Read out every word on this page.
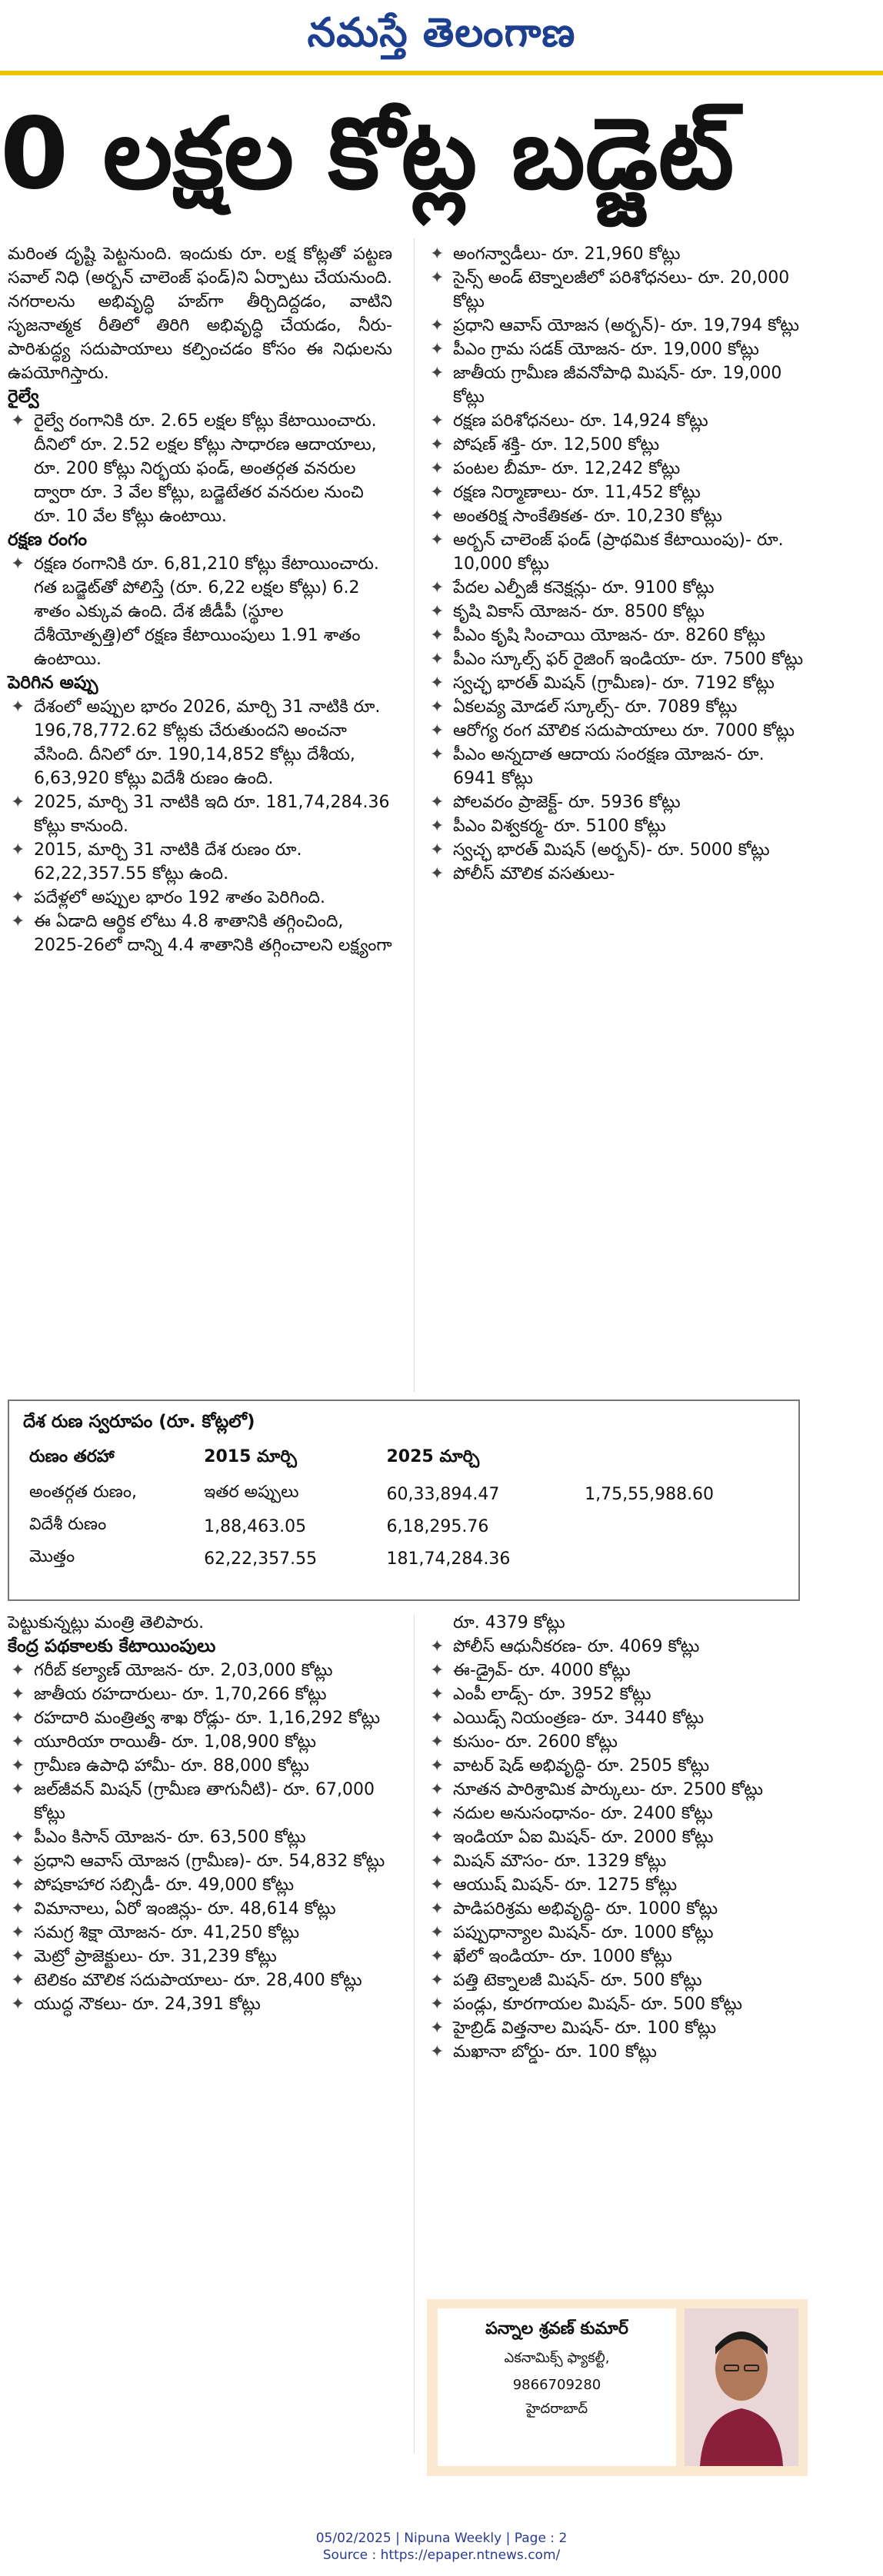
నమస్తే తెలంగాణ
0 లక్షల కోట్ల బడ్జెట్

మరింత దృష్టి పెట్టనుంది. ఇందుకు రూ. లక్ష కోట్లతో పట్టణ సవాల్ నిధి (అర్బన్ చాలెంజ్ ఫండ్)ని ఏర్పాటు చేయనుంది. నగరాలను అభివృద్ధి హబ్‌గా తీర్చిదిద్దడం, వాటిని సృజనాత్మక రీతిలో తిరిగి అభివృద్ధి చేయడం, నీరు-పారిశుద్ధ్య సదుపాయాలు కల్పించడం కోసం ఈ నిధులను ఉపయోగిస్తారు.

రైల్వే
✦ రైల్వే రంగానికి రూ. 2.65 లక్షల కోట్లు కేటాయించారు. దీనిలో రూ. 2.52 లక్షల కోట్లు సాధారణ ఆదాయాలు, రూ. 200 కోట్లు నిర్భయ ఫండ్, అంతర్గత వనరుల ద్వారా రూ. 3 వేల కోట్లు, బడ్జెటేతర వనరుల నుంచి రూ. 10 వేల కోట్లు ఉంటాయి.
రక్షణ రంగం
✦ రక్షణ రంగానికి రూ. 6,81,210 కోట్లు కేటాయించారు. గత బడ్జెట్‌తో పోలిస్తే (రూ. 6,22 లక్షల కోట్లు) 6.2 శాతం ఎక్కువ ఉంది. దేశ జీడీపీ (స్థూల దేశీయోత్పత్తి)లో రక్షణ కేటాయింపులు 1.91 శాతం ఉంటాయి.
పెరిగిన అప్పు
✦ దేశంలో అప్పుల భారం 2026, మార్చి 31 నాటికి రూ. 196,78,772.62 కోట్లకు చేరుతుందని అంచనా వేసింది. దీనిలో రూ. 190,14,852 కోట్లు దేశీయ, 6,63,920 కోట్లు విదేశీ రుణం ఉంది.
✦ 2025, మార్చి 31 నాటికి ఇది రూ. 181,74,284.36 కోట్లు కానుంది.
✦ 2015, మార్చి 31 నాటికి దేశ రుణం రూ. 62,22,357.55 కోట్లు ఉంది.
✦ పదేళ్లలో అప్పుల భారం 192 శాతం పెరిగింది.
✦ ఈ ఏడాది ఆర్థిక లోటు 4.8 శాతానికి తగ్గించింది, 2025-26లో దాన్ని 4.4 శాతానికి తగ్గించాలని లక్ష్యంగా
✦ అంగన్వాడీలు- రూ. 21,960 కోట్లు
✦ సైన్స్ అండ్ టెక్నాలజీలో పరిశోధనలు- రూ. 20,000 కోట్లు
✦ ప్రధాని ఆవాస్ యోజన (అర్బన్)- రూ. 19,794 కోట్లు
✦ పీఎం గ్రామ సడక్ యోజన- రూ. 19,000 కోట్లు
✦ జాతీయ గ్రామీణ జీవనోపాధి మిషన్- రూ. 19,000 కోట్లు
✦ రక్షణ పరిశోధనలు- రూ. 14,924 కోట్లు
✦ పోషణ్ శక్తి- రూ. 12,500 కోట్లు
✦ పంటల బీమా- రూ. 12,242 కోట్లు
✦ రక్షణ నిర్మాణాలు- రూ. 11,452 కోట్లు
✦ అంతరిక్ష సాంకేతికత- రూ. 10,230 కోట్లు
✦ అర్బన్ చాలెంజ్ ఫండ్ (ప్రాథమిక కేటాయింపు)- రూ. 10,000 కోట్లు
✦ పేదల ఎల్పీజీ కనెక్షన్లు- రూ. 9100 కోట్లు
✦ కృషి వికాస్ యోజన- రూ. 8500 కోట్లు
✦ పీఎం కృషి సించాయి యోజన- రూ. 8260 కోట్లు
✦ పీఎం స్కూల్స్ ఫర్ రైజింగ్ ఇండియా- రూ. 7500 కోట్లు
✦ స్వచ్ఛ భారత్ మిషన్ (గ్రామీణ)- రూ. 7192 కోట్లు
✦ ఏకలవ్య మోడల్ స్కూల్స్- రూ. 7089 కోట్లు
✦ ఆరోగ్య రంగ మౌలిక సదుపాయాలు రూ. 7000 కోట్లు
✦ పీఎం అన్నదాత ఆదాయ సంరక్షణ యోజన- రూ. 6941 కోట్లు
✦ పోలవరం ప్రాజెక్ట్- రూ. 5936 కోట్లు
✦ పీఎం విశ్వకర్మ- రూ. 5100 కోట్లు
✦ స్వచ్ఛ భారత్ మిషన్ (అర్బన్)- రూ. 5000 కోట్లు
✦ పోలీస్ మౌలిక వసతులు-
దేశ రుణ స్వరూపం (రూ. కోట్లలో)
రుణం తరహా	2015 మార్చి	2025 మార్చి	
అంతర్గత రుణం,	ఇతర అప్పులు	60,33,894.47	1,75,55,988.60
విదేశీ రుణం	1,88,463.05	6,18,295.76	
మొత్తం	62,22,357.55	181,74,284.36	

పెట్టుకున్నట్లు మంత్రి తెలిపారు.

కేంద్ర పథకాలకు కేటాయింపులు
✦ గరీబ్ కల్యాణ్ యోజన- రూ. 2,03,000 కోట్లు
✦ జాతీయ రహదారులు- రూ. 1,70,266 కోట్లు
✦ రహదారి మంత్రిత్వ శాఖ రోడ్లు- రూ. 1,16,292 కోట్లు
✦ యూరియా రాయితీ- రూ. 1,08,900 కోట్లు
✦ గ్రామీణ ఉపాధి హామీ- రూ. 88,000 కోట్లు
✦ జల్‌జీవన్ మిషన్ (గ్రామీణ తాగునీటి)- రూ. 67,000 కోట్లు
✦ పీఎం కిసాన్ యోజన- రూ. 63,500 కోట్లు
✦ ప్రధాని ఆవాస్ యోజన (గ్రామీణ)- రూ. 54,832 కోట్లు
✦ పోషకాహార సబ్సిడీ- రూ. 49,000 కోట్లు
✦ విమానాలు, ఏరో ఇంజిన్లు- రూ. 48,614 కోట్లు
✦ సమగ్ర శిక్షా యోజన- రూ. 41,250 కోట్లు
✦ మెట్రో ప్రాజెక్టులు- రూ. 31,239 కోట్లు
✦ టెలికం మౌలిక సదుపాయాలు- రూ. 28,400 కోట్లు
✦ యుద్ధ నౌకలు- రూ. 24,391 కోట్లు

రూ. 4379 కోట్లు

✦ పోలీస్ ఆధునీకరణ- రూ. 4069 కోట్లు
✦ ఈ-డ్రైవ్- రూ. 4000 కోట్లు
✦ ఎంపీ లాడ్స్- రూ. 3952 కోట్లు
✦ ఎయిడ్స్ నియంత్రణ- రూ. 3440 కోట్లు
✦ కుసుం- రూ. 2600 కోట్లు
✦ వాటర్ షెడ్ అభివృద్ధి- రూ. 2505 కోట్లు
✦ నూతన పారిశ్రామిక పార్కులు- రూ. 2500 కోట్లు
✦ నదుల అనుసంధానం- రూ. 2400 కోట్లు
✦ ఇండియా ఏఐ మిషన్- రూ. 2000 కోట్లు
✦ మిషన్ మౌసం- రూ. 1329 కోట్లు
✦ ఆయుష్ మిషన్- రూ. 1275 కోట్లు
✦ పాడిపరిశ్రమ అభివృద్ధి- రూ. 1000 కోట్లు
✦ పప్పుధాన్యాల మిషన్- రూ. 1000 కోట్లు
✦ ఖేలో ఇండియా- రూ. 1000 కోట్లు
✦ పత్తి టెక్నాలజీ మిషన్- రూ. 500 కోట్లు
✦ పండ్లు, కూరగాయల మిషన్- రూ. 500 కోట్లు
✦ హైబ్రిడ్ విత్తనాల మిషన్- రూ. 100 కోట్లు
✦ మఖానా బోర్డు- రూ. 100 కోట్లు
పన్నాల శ్రవణ్ కుమార్
ఎకనామిక్స్ ఫ్యాకల్టీ,
9866709280
హైదరాబాద్
05/02/2025 | Nipuna Weekly | Page : 2
Source : https://epaper.ntnews.com/
